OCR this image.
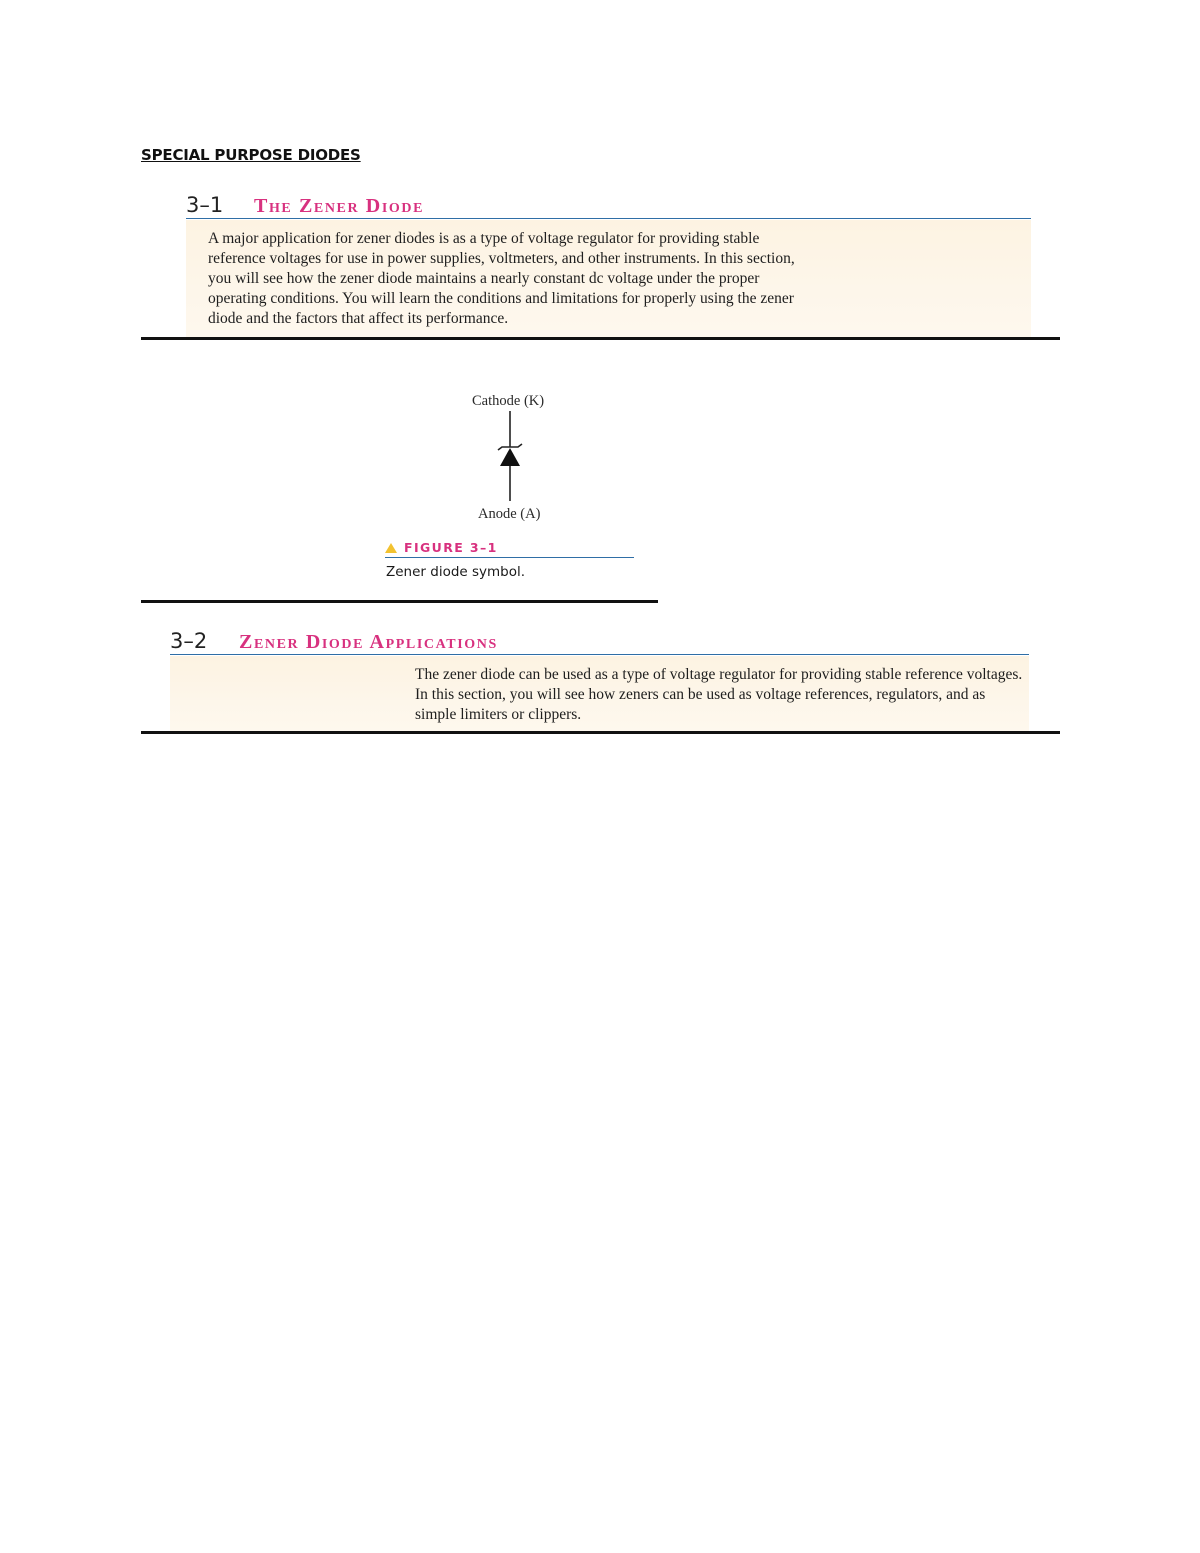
SPECIAL PURPOSE DIODES
3–1	The Zener Diode
A major application for zener diodes is as a type of voltage regulator for providing stable reference voltages for use in power supplies, voltmeters, and other instruments. In this section, you will see how the zener diode maintains a nearly constant dc voltage under the proper operating conditions. You will learn the conditions and limitations for properly using the zener diode and the factors that affect its performance.
Cathode (K)
Anode (A)
FIGURE 3–1
Zener diode symbol.
3–2	Zener Diode Applications
The zener diode can be used as a type of voltage regulator for providing stable reference voltages. In this section, you will see how zeners can be used as voltage references, regulators, and as simple limiters or clippers.
